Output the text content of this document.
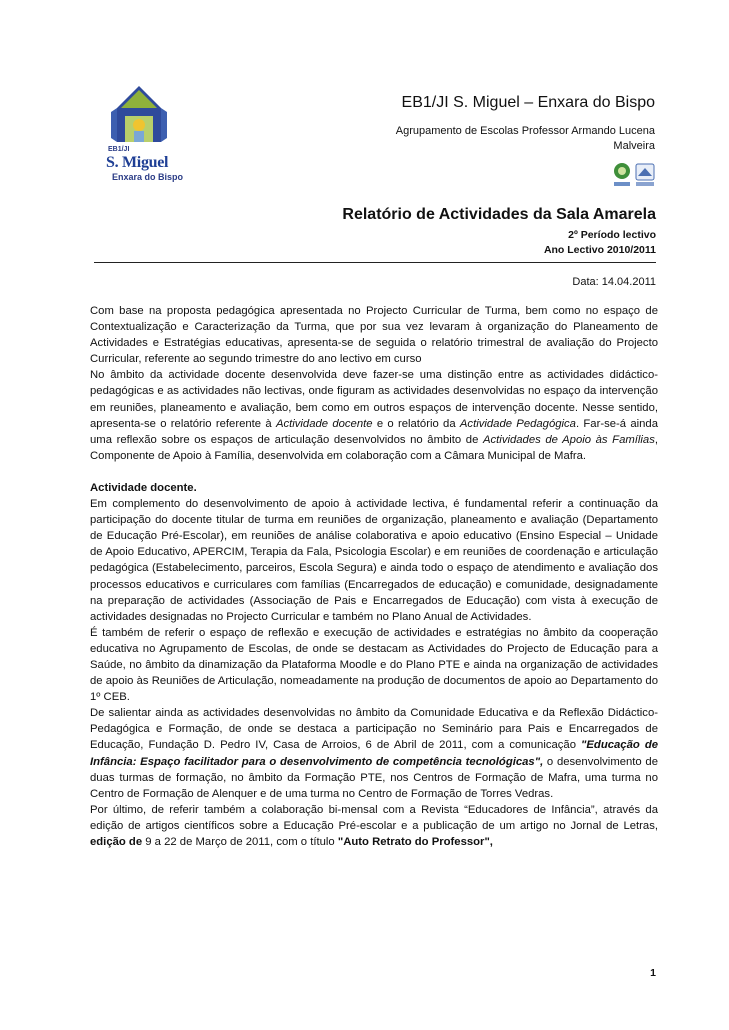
EB1/JI
S. Miguel
Enxara do Bispo
EB1/JI S. Miguel – Enxara do Bispo
Agrupamento de Escolas Professor Armando Lucena
Malveira
Relatório de Actividades da Sala Amarela
2º Período lectivo
Ano Lectivo 2010/2011
Data: 14.04.2011

Com base na proposta pedagógica apresentada no Projecto Curricular de Turma, bem como no espaço de Contextualização e Caracterização da Turma, que por sua vez levaram à organização do Planeamento de Actividades e Estratégias educativas, apresenta-se de seguida o relatório trimestral de avaliação do Projecto Curricular, referente ao segundo trimestre do ano lectivo em curso

No âmbito da actividade docente desenvolvida deve fazer-se uma distinção entre as actividades didáctico-pedagógicas e as actividades não lectivas, onde figuram as actividades desenvolvidas no espaço da intervenção em reuniões, planeamento e avaliação, bem como em outros espaços de intervenção docente. Nesse sentido, apresenta-se o relatório referente à Actividade docente e o relatório da Actividade Pedagógica. Far-se-á ainda uma reflexão sobre os espaços de articulação desenvolvidos no âmbito de Actividades de Apoio às Famílias, Componente de Apoio à Família, desenvolvida em colaboração com a Câmara Municipal de Mafra.

Actividade docente.

Em complemento do desenvolvimento de apoio à actividade lectiva, é fundamental referir a continuação da participação do docente titular de turma em reuniões de organização, planeamento e avaliação (Departamento de Educação Pré-Escolar), em reuniões de análise colaborativa e apoio educativo (Ensino Especial – Unidade de Apoio Educativo, APERCIM, Terapia da Fala, Psicologia Escolar) e em reuniões de coordenação e articulação pedagógica (Estabelecimento, parceiros, Escola Segura) e ainda todo o espaço de atendimento e avaliação dos processos educativos e curriculares com famílias (Encarregados de educação) e comunidade, designadamente na preparação de actividades (Associação de Pais e Encarregados de Educação) com vista à execução de actividades designadas no Projecto Curricular e também no Plano Anual de Actividades.

É também de referir o espaço de reflexão e execução de actividades e estratégias no âmbito da cooperação educativa no Agrupamento de Escolas, de onde se destacam as Actividades do Projecto de Educação para a Saúde, no âmbito da dinamização da Plataforma Moodle e do Plano PTE e ainda na organização de actividades de apoio às Reuniões de Articulação, nomeadamente na produção de documentos de apoio ao Departamento do 1º CEB.

De salientar ainda as actividades desenvolvidas no âmbito da Comunidade Educativa e da Reflexão Didáctico-Pedagógica e Formação, de onde se destaca a participação no Seminário para Pais e Encarregados de Educação, Fundação D. Pedro IV, Casa de Arroios, 6 de Abril de 2011, com a comunicação "Educação de Infância: Espaço facilitador para o desenvolvimento de competência tecnológicas", o desenvolvimento de duas turmas de formação, no âmbito da Formação PTE, nos Centros de Formação de Mafra, uma turma no Centro de Formação de Alenquer e de uma turma no Centro de Formação de Torres Vedras.

Por último, de referir também a colaboração bi-mensal com a Revista “Educadores de Infância”, através da edição de artigos científicos sobre a Educação Pré-escolar e a publicação de um artigo no Jornal de Letras, edição de 9 a 22 de Março de 2011, com o título "Auto Retrato do Professor",

1
